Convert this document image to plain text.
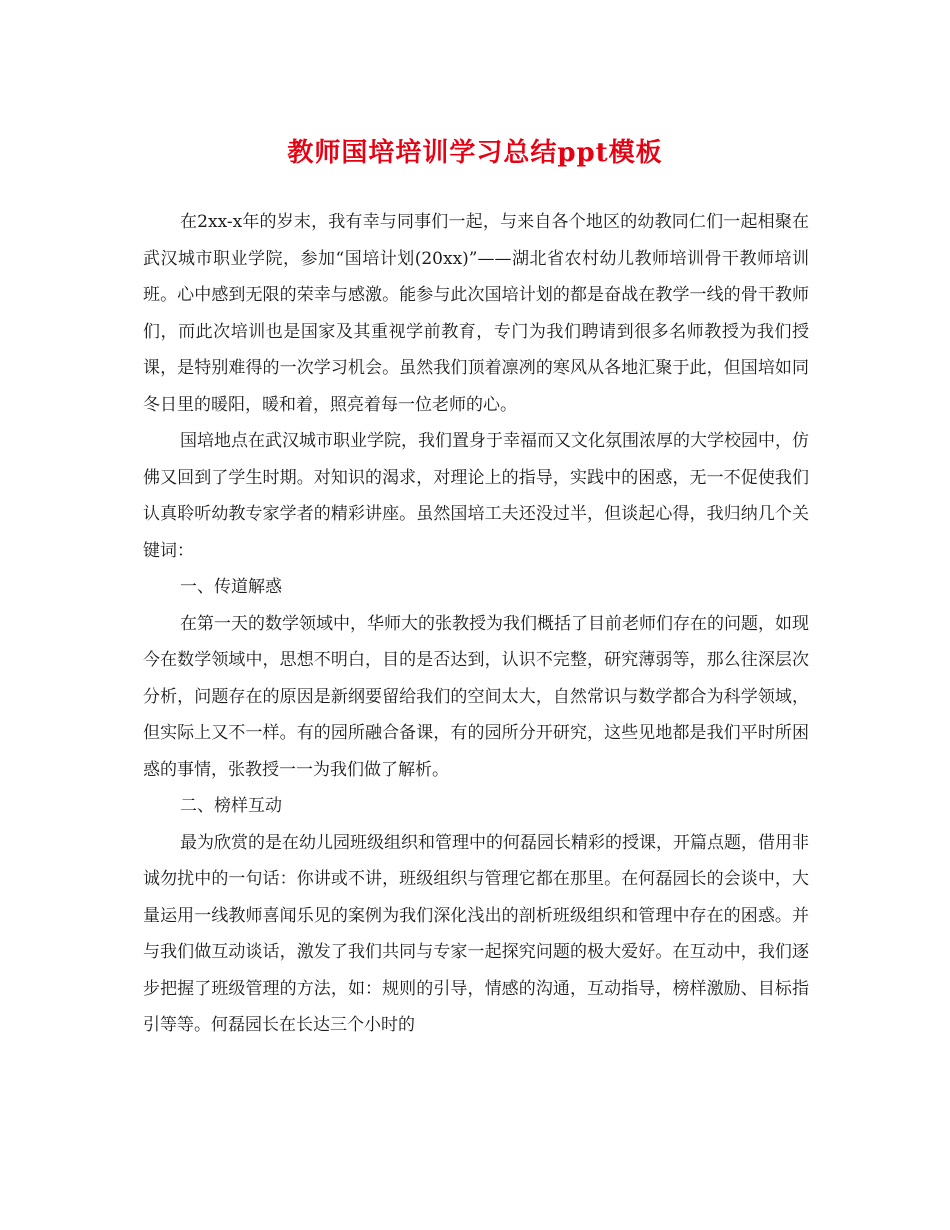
教师国培培训学习总结ppt模板

在2xx-x年的岁末，我有幸与同事们一起，与来自各个地区的幼教同仁们一起相聚在武汉城市职业学院，参加“国培计划(20xx)”——湖北省农村幼儿教师培训骨干教师培训班。心中感到无限的荣幸与感激。能参与此次国培计划的都是奋战在教学一线的骨干教师们，而此次培训也是国家及其重视学前教育，专门为我们聘请到很多名师教授为我们授课，是特别难得的一次学习机会。虽然我们顶着凛冽的寒风从各地汇聚于此，但国培如同冬日里的暖阳，暖和着，照亮着每一位老师的心。

国培地点在武汉城市职业学院，我们置身于幸福而又文化氛围浓厚的大学校园中，仿佛又回到了学生时期。对知识的渴求，对理论上的指导，实践中的困惑，无一不促使我们认真聆听幼教专家学者的精彩讲座。虽然国培工夫还没过半，但谈起心得，我归纳几个关键词：

一、传道解惑

在第一天的数学领域中，华师大的张教授为我们概括了目前老师们存在的问题，如现今在数学领域中，思想不明白，目的是否达到，认识不完整，研究薄弱等，那么往深层次分析，问题存在的原因是新纲要留给我们的空间太大，自然常识与数学都合为科学领域，但实际上又不一样。有的园所融合备课，有的园所分开研究，这些见地都是我们平时所困惑的事情，张教授一一为我们做了解析。

二、榜样互动

最为欣赏的是在幼儿园班级组织和管理中的何磊园长精彩的授课，开篇点题，借用非诚勿扰中的一句话：你讲或不讲，班级组织与管理它都在那里。在何磊园长的会谈中，大量运用一线教师喜闻乐见的案例为我们深化浅出的剖析班级组织和管理中存在的困惑。并与我们做互动谈话，激发了我们共同与专家一起探究问题的极大爱好。在互动中，我们逐步把握了班级管理的方法，如：规则的引导，情感的沟通，互动指导，榜样激励、目标指引等等。何磊园长在长达三个小时的
